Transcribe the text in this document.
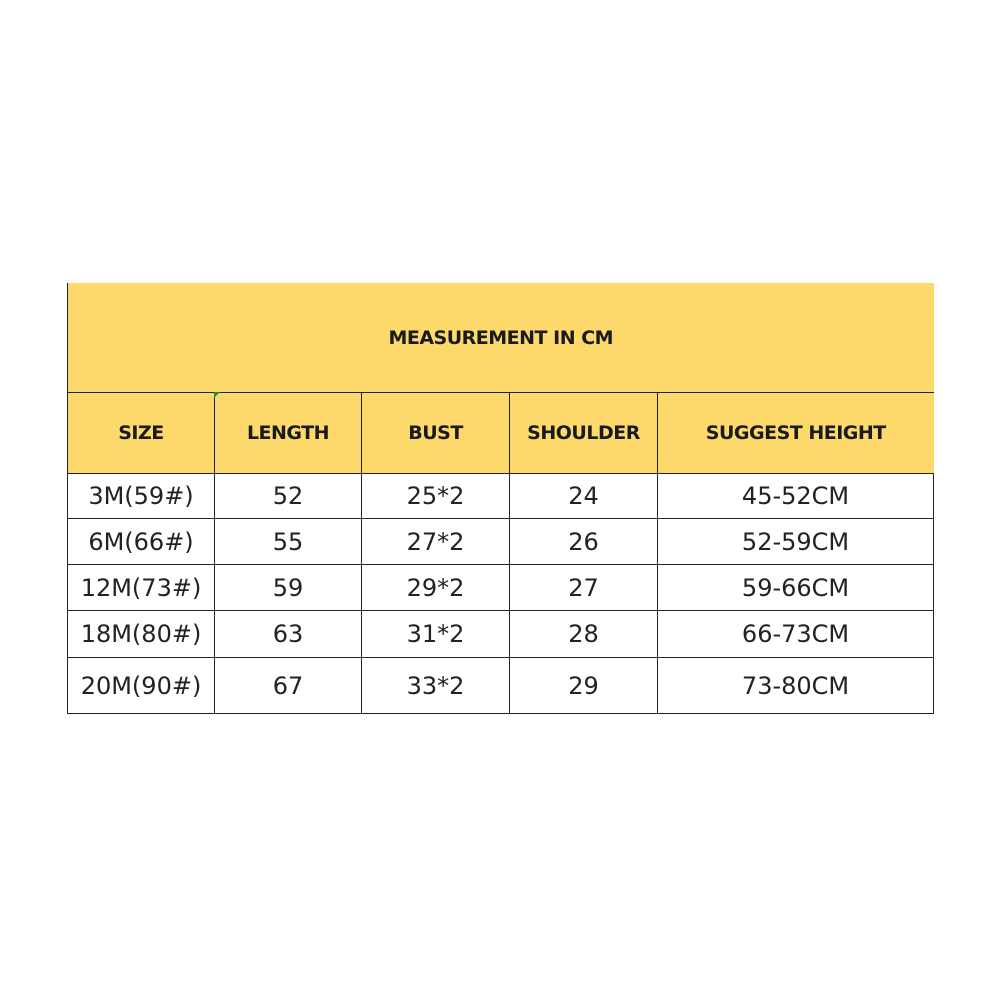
MEASUREMENT IN CM				
SIZE	LENGTH	BUST	SHOULDER	SUGGEST HEIGHT
3M(59#)	52	25*2	24	45-52CM
6M(66#)	55	27*2	26	52-59CM
12M(73#)	59	29*2	27	59-66CM
18M(80#)	63	31*2	28	66-73CM
20M(90#)	67	33*2	29	73-80CM
